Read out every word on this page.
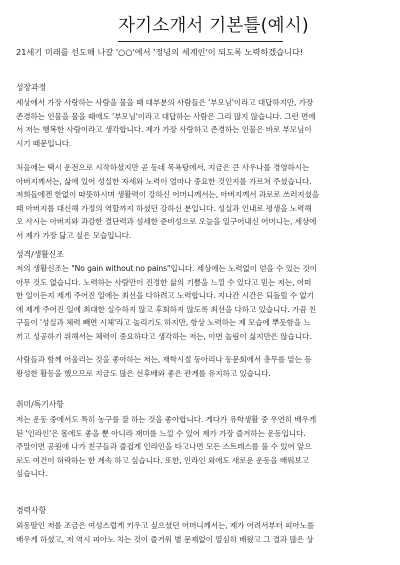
자기소개서 기본틀(예시)
21세기 미래를 선도해 나갈 '○○'에서 '정녕의 세계인'이 되도록 노력하겠습니다!
성장과정
세상에서 가장 사랑하는 사람을 물을 때 대부분의 사람들은 '부모님'이라고 대답하지만, 가장
존경하는 인물을 물을 때에도 '부모님'이라고 대답하는 사람은 그리 많지 않습니다. 그런 면에
서 저는 행복한 사람이라고 생각합니다. 제가 가장 사랑하고 존경하는 인물은 바로 부모님이
시기 때문입니다.
처음에는 택시 운전으로 시작하셨지만 곧 동네 목욕탕에서, 지금은 큰 사우나를 경영하시는
아버지께서는, 삶에 있어 성실한 자세와 노력이 얼마나 중요한 것인지를 가르쳐 주셨습니다.
저희들에겐 한없이 따뜻하시며 생활력이 강하신 어머니께서는, 아버지께서 과로로 쓰러지셨을
때 아버지를 대신해 가정의 역할까지 하셨던 강하신 분입니다. 성실과 인내로 평생을 노력해
오 사시는 아버지와 과감한 결단력과 섬세한 준비성으로 오늘을 일구어내신 어머니는, 세상에
서 제가 가장 닮고 싶은 모습입니다.
성격/생활신조
저의 생활신조는 "No gain without no pains"입니다. 세상에는 노력없이 얻을 수 있는 것이
아무 것도 없습니다. 노력하는 사람만이 진정한 삶의 기쁨을 느낄 수 있다고 믿는 저는, 어떠
한 일이든지 제게 주어진 일에는 최선을 다하려고 노력합니다. 지나간 시간은 되돌릴 수 없기
에 제게 주어진 일에 최대한 실수하지 않고 후회하지 않도록 최선을 다하고 있습니다. 가끔 친
구들이 '성실과 체력 빼면 시체'라고 놀리기도 하지만, 항상 노력하는 제 모습에 뿌듯함을 느
끼고 성공하기 위해서는 체력이 중요하다고 생각하는 저는, 이번 놀림이 싫지만은 않습니다.
사람들과 함께 어울리는 것을 좋아하는 저는, 재학시절 동아리나 동문회에서 총무를 맡는 등
왕성한 활동을 했으므로 지금도 많은 선후배와 좋은 관계를 유지하고 있습니다.
취미/특기사항
저는 운동 중에서도 특히 농구를 잘 하는 것을 좋아합니다. 게다가 유학생활 중 우연히 배우게
된 '인라인'은 몸에도 좋을 뿐 아니라 재미를 느낄 수 있어 제가 가장 즐겨하는 운동입니다.
주말이면 공원에 나가 친구들과 즐겁게 인라인을 타고나면 모든 스트레스를 풀 수 있어 앞으
로도 여건이 허락하는 한 계속 하고 싶습니다. 또한, 인라인 외에도 새로운 운동을 배워보고
싶습니다.
경력사항
외동딸인 저를 조금은 여성스럽게 키우고 싶으셨던 어머니께서는, 제가 어려서부터 피아노를
배우게 하셨고, 저 역시 피아노 치는 것이 즐거워 별 문제없이 열심히 배웠고 그 결과 많은 상
